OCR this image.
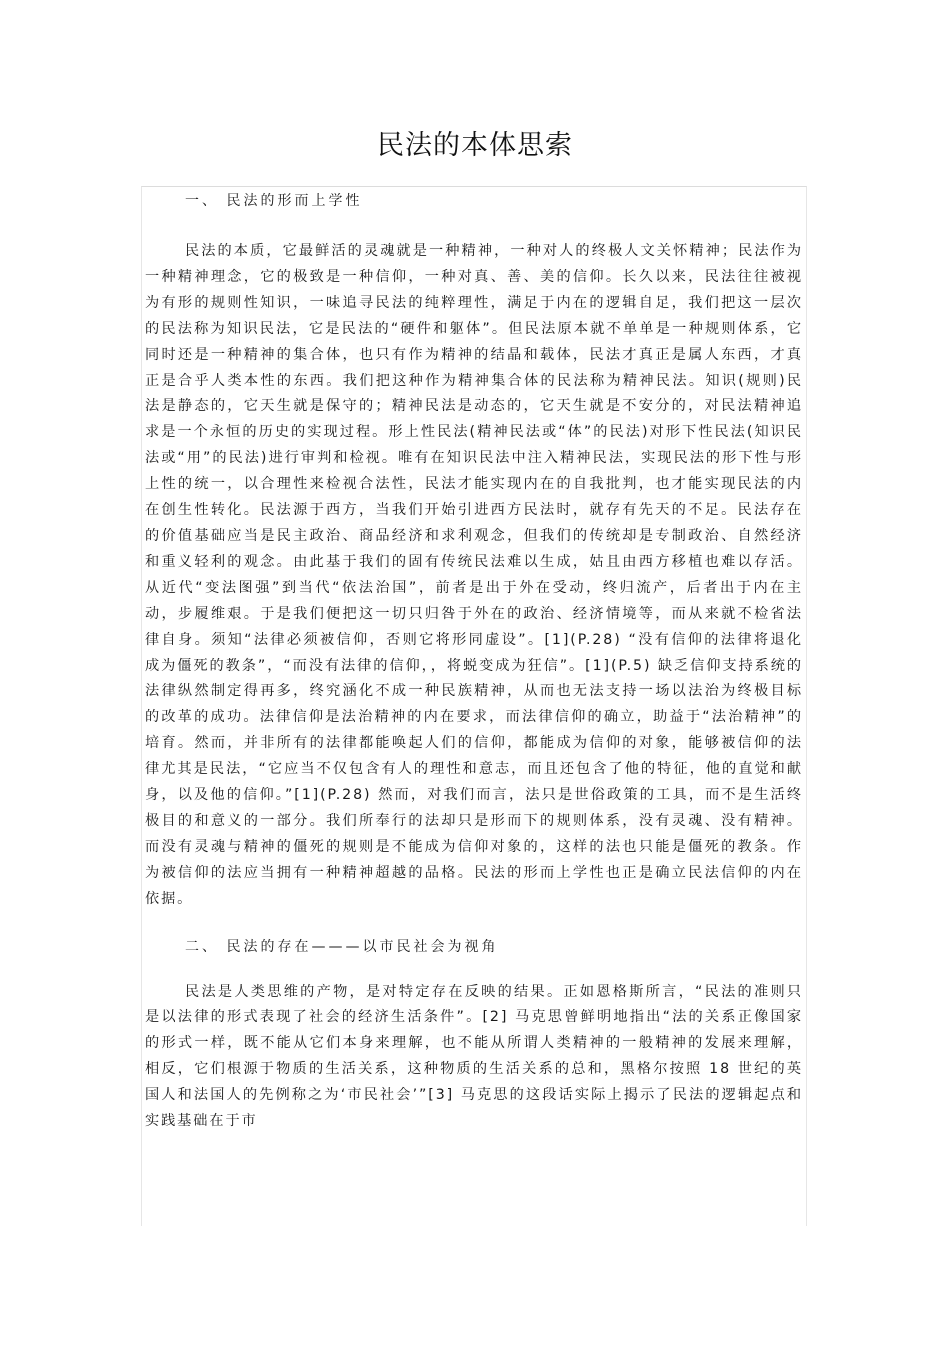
民法的本体思索
一、 民法的形而上学性

民法的本质，它最鲜活的灵魂就是一种精神，一种对人的终极人文关怀精神；民法作为一种精神理念，它的极致是一种信仰，一种对真、善、美的信仰。长久以来，民法往往被视为有形的规则性知识，一味追寻民法的纯粹理性，满足于内在的逻辑自足，我们把这一层次的民法称为知识民法，它是民法的“硬件和躯体”。但民法原本就不单单是一种规则体系，它同时还是一种精神的集合体，也只有作为精神的结晶和载体，民法才真正是属人东西，才真正是合乎人类本性的东西。我们把这种作为精神集合体的民法称为精神民法。知识(规则)民法是静态的，它天生就是保守的；精神民法是动态的，它天生就是不安分的，对民法精神追求是一个永恒的历史的实现过程。形上性民法(精神民法或“体”的民法)对形下性民法(知识民法或“用”的民法)进行审判和检视。唯有在知识民法中注入精神民法，实现民法的形下性与形上性的统一，以合理性来检视合法性，民法才能实现内在的自我批判，也才能实现民法的内在创生性转化。民法源于西方，当我们开始引进西方民法时，就存有先天的不足。民法存在的价值基础应当是民主政治、商品经济和求利观念，但我们的传统却是专制政治、自然经济和重义轻利的观念。由此基于我们的固有传统民法难以生成，姑且由西方移植也难以存活。从近代“变法图强”到当代“依法治国”，前者是出于外在受动，终归流产，后者出于内在主动，步履维艰。于是我们便把这一切只归咎于外在的政治、经济情境等，而从来就不检省法律自身。须知“法律必须被信仰，否则它将形同虚设”。[1](P.28) “没有信仰的法律将退化成为僵死的教条”，“而没有法律的信仰，，将蜕变成为狂信”。[1](P.5) 缺乏信仰支持系统的法律纵然制定得再多，终究涵化不成一种民族精神，从而也无法支持一场以法治为终极目标的改革的成功。法律信仰是法治精神的内在要求，而法律信仰的确立，助益于“法治精神”的培育。然而，并非所有的法律都能唤起人们的信仰，都能成为信仰的对象，能够被信仰的法律尤其是民法，“它应当不仅包含有人的理性和意志，而且还包含了他的特征，他的直觉和献身，以及他的信仰。”[1](P.28) 然而，对我们而言，法只是世俗政策的工具，而不是生活终极目的和意义的一部分。我们所奉行的法却只是形而下的规则体系，没有灵魂、没有精神。而没有灵魂与精神的僵死的规则是不能成为信仰对象的，这样的法也只能是僵死的教条。作为被信仰的法应当拥有一种精神超越的品格。民法的形而上学性也正是确立民法信仰的内在依据。

二、 民法的存在———以市民社会为视角

民法是人类思维的产物，是对特定存在反映的结果。正如恩格斯所言，“民法的准则只是以法律的形式表现了社会的经济生活条件”。[2] 马克思曾鲜明地指出“法的关系正像国家的形式一样，既不能从它们本身来理解，也不能从所谓人类精神的一般精神的发展来理解，相反，它们根源于物质的生活关系，这种物质的生活关系的总和，黑格尔按照 18 世纪的英国人和法国人的先例称之为‘市民社会’”[3] 马克思的这段话实际上揭示了民法的逻辑起点和实践基础在于市
